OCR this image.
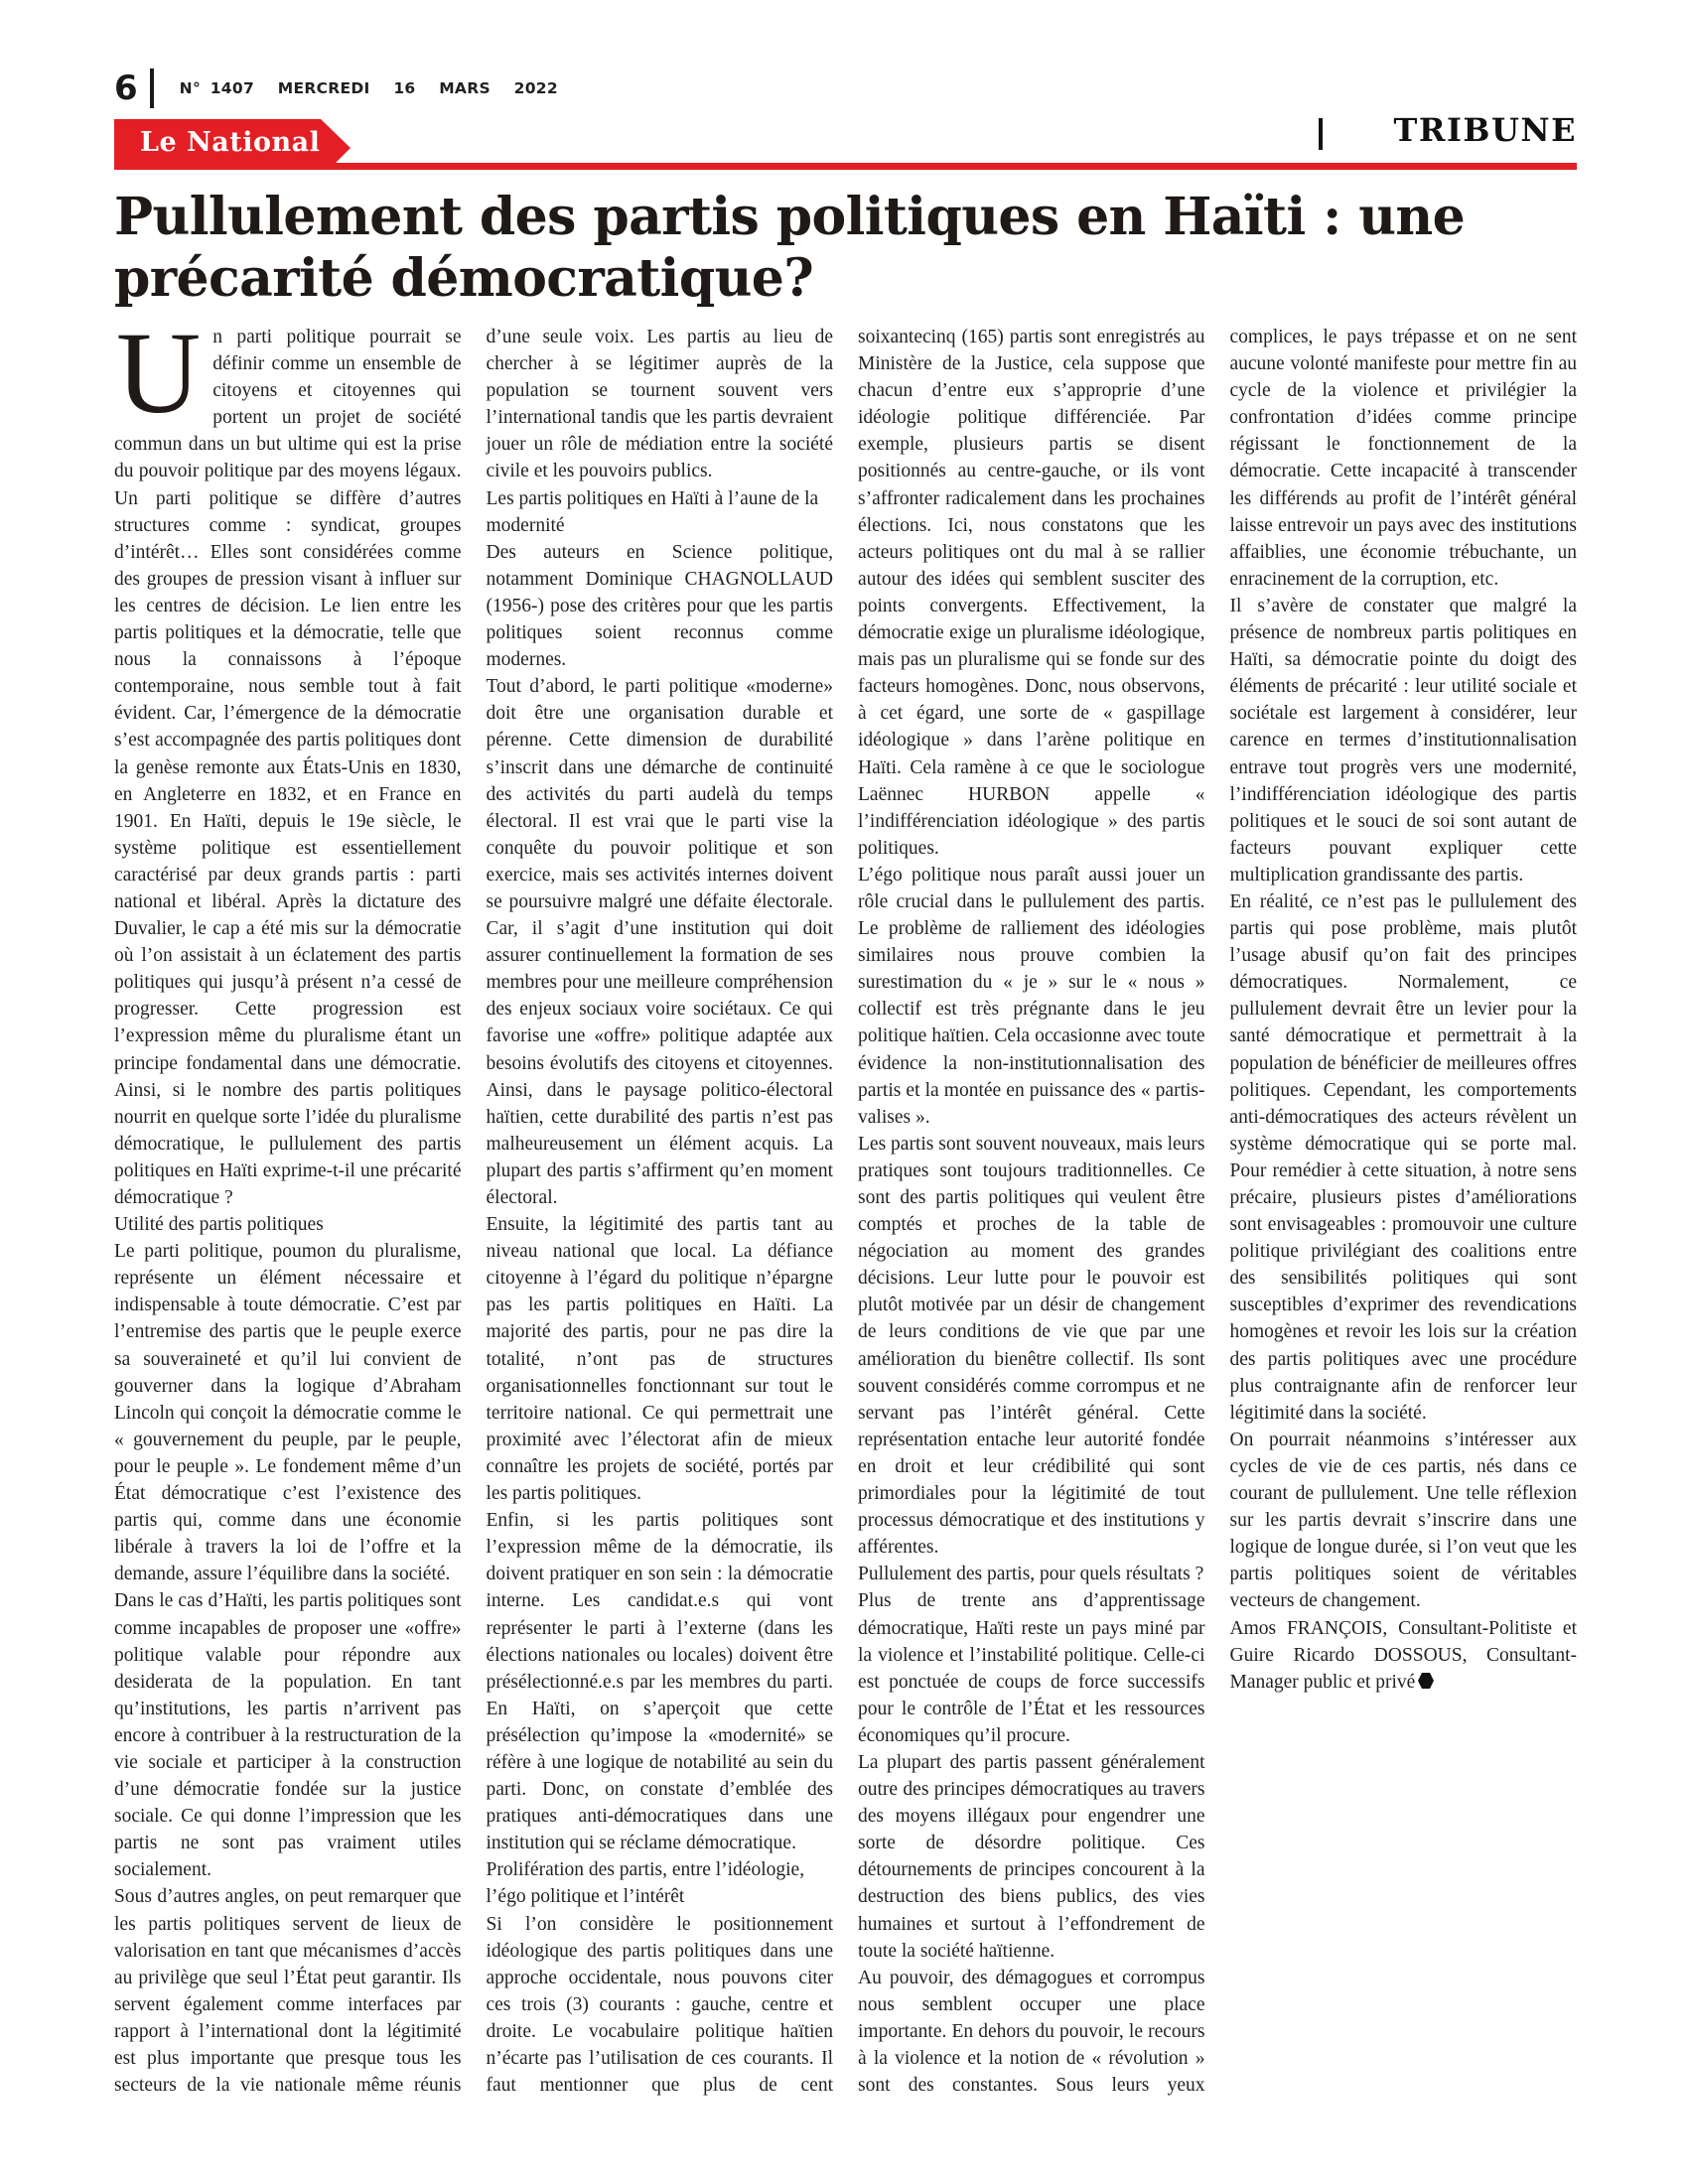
6	N° 1407 MERCREDI 16 MARS 2022
Le National	TRIBUNE
Pullulement des partis politiques en Haïti : une précarité démocratique?

Un parti politique pourrait se définir comme un ensemble de citoyens et citoyennes qui portent un projet de société commun dans un but ultime qui est la prise du pouvoir politique par des moyens légaux. Un parti politique se diffère d’autres structures comme : syndicat, groupes d’intérêt… Elles sont considérées comme des groupes de pression visant à influer sur les centres de décision. Le lien entre les partis politiques et la démocratie, telle que nous la connaissons à l’époque contemporaine, nous semble tout à fait évident. Car, l’émergence de la démocratie s’est accompagnée des partis politiques dont la genèse remonte aux États-Unis en 1830, en Angleterre en 1832, et en France en 1901. En Haïti, depuis le 19e siècle, le système politique est essentiellement caractérisé par deux grands partis : parti national et libéral. Après la dictature des Duvalier, le cap a été mis sur la démocratie où l’on assistait à un éclatement des partis politiques qui jusqu’à présent n’a cessé de progresser. Cette progression est l’expression même du pluralisme étant un principe fondamental dans une démocratie. Ainsi, si le nombre des partis politiques nourrit en quelque sorte l’idée du pluralisme démocratique, le pullulement des partis politiques en Haïti exprime-t-il une précarité démocratique ?

Utilité des partis politiques

Le parti politique, poumon du pluralisme, représente un élément nécessaire et indispensable à toute démocratie. C’est par l’entremise des partis que le peuple exerce sa souveraineté et qu’il lui convient de gouverner dans la logique d’Abraham Lincoln qui conçoit la démocratie comme le « gouvernement du peuple, par le peuple, pour le peuple ». Le fondement même d’un État démocratique c’est l’existence des partis qui, comme dans une économie libérale à travers la loi de l’offre et la demande, assure l’équilibre dans la société.

Dans le cas d’Haïti, les partis politiques sont comme incapables de proposer une «offre» politique valable pour répondre aux desiderata de la population. En tant qu’institutions, les partis n’arrivent pas encore à contribuer à la restructuration de la vie sociale et participer à la construction d’une démocratie fondée sur la justice sociale. Ce qui donne l’impression que les partis ne sont pas vraiment utiles socialement.

Sous d’autres angles, on peut remarquer que les partis politiques servent de lieux de valorisation en tant que mécanismes d’accès au privilège que seul l’État peut garantir. Ils servent également comme interfaces par rapport à l’international dont la légitimité est plus importante que presque tous les secteurs de la vie nationale même réunis d’une seule voix. Les partis au lieu de chercher à se légitimer auprès de la population se tournent souvent vers l’international tandis que les partis devraient jouer un rôle de médiation entre la société civile et les pouvoirs publics.

Les partis politiques en Haïti à l’aune de la modernité

Des auteurs en Science politique, notamment Dominique CHAGNOLLAUD (1956-) pose des critères pour que les partis politiques soient reconnus comme modernes.

Tout d’abord, le parti politique «moderne» doit être une organisation durable et pérenne. Cette dimension de durabilité s’inscrit dans une démarche de continuité des activités du parti audelà du temps électoral. Il est vrai que le parti vise la conquête du pouvoir politique et son exercice, mais ses activités internes doivent se poursuivre malgré une défaite électorale. Car, il s’agit d’une institution qui doit assurer continuellement la formation de ses membres pour une meilleure compréhension des enjeux sociaux voire sociétaux. Ce qui favorise une «offre» politique adaptée aux besoins évolutifs des citoyens et citoyennes. Ainsi, dans le paysage politico-électoral haïtien, cette durabilité des partis n’est pas malheureusement un élément acquis. La plupart des partis s’affirment qu’en moment électoral.

Ensuite, la légitimité des partis tant au niveau national que local. La défiance citoyenne à l’égard du politique n’épargne pas les partis politiques en Haïti. La majorité des partis, pour ne pas dire la totalité, n’ont pas de structures organisationnelles fonctionnant sur tout le territoire national. Ce qui permettrait une proximité avec l’électorat afin de mieux connaître les projets de société, portés par les partis politiques.

Enfin, si les partis politiques sont l’expression même de la démocratie, ils doivent pratiquer en son sein : la démocratie interne. Les candidat.e.s qui vont représenter le parti à l’externe (dans les élections nationales ou locales) doivent être présélectionné.e.s par les membres du parti. En Haïti, on s’aperçoit que cette présélection qu’impose la «modernité» se réfère à une logique de notabilité au sein du parti. Donc, on constate d’emblée des pratiques anti-démocratiques dans une institution qui se réclame démocratique.

Prolifération des partis, entre l’idéologie, l’égo politique et l’intérêt

Si l’on considère le positionnement idéologique des partis politiques dans une approche occidentale, nous pouvons citer ces trois (3) courants : gauche, centre et droite. Le vocabulaire politique haïtien n’écarte pas l’utilisation de ces courants. Il faut mentionner que plus de cent soixantecinq (165) partis sont enregistrés au Ministère de la Justice, cela suppose que chacun d’entre eux s’approprie d’une idéologie politique différenciée. Par exemple, plusieurs partis se disent positionnés au centre-gauche, or ils vont s’affronter radicalement dans les prochaines élections. Ici, nous constatons que les acteurs politiques ont du mal à se rallier autour des idées qui semblent susciter des points convergents. Effectivement, la démocratie exige un pluralisme idéologique, mais pas un pluralisme qui se fonde sur des facteurs homogènes. Donc, nous observons, à cet égard, une sorte de « gaspillage idéologique » dans l’arène politique en Haïti. Cela ramène à ce que le sociologue Laënnec HURBON appelle « l’indifférenciation idéologique » des partis politiques.

L’égo politique nous paraît aussi jouer un rôle crucial dans le pullulement des partis. Le problème de ralliement des idéologies similaires nous prouve combien la surestimation du « je » sur le « nous » collectif est très prégnante dans le jeu politique haïtien. Cela occasionne avec toute évidence la non-institutionnalisation des partis et la montée en puissance des « partis-valises ».

Les partis sont souvent nouveaux, mais leurs pratiques sont toujours traditionnelles. Ce sont des partis politiques qui veulent être comptés et proches de la table de négociation au moment des grandes décisions. Leur lutte pour le pouvoir est plutôt motivée par un désir de changement de leurs conditions de vie que par une amélioration du bienêtre collectif. Ils sont souvent considérés comme corrompus et ne servant pas l’intérêt général. Cette représentation entache leur autorité fondée en droit et leur crédibilité qui sont primordiales pour la légitimité de tout processus démocratique et des institutions y afférentes.

Pullulement des partis, pour quels résultats ?

Plus de trente ans d’apprentissage démocratique, Haïti reste un pays miné par la violence et l’instabilité politique. Celle-ci est ponctuée de coups de force successifs pour le contrôle de l’État et les ressources économiques qu’il procure.

La plupart des partis passent généralement outre des principes démocratiques au travers des moyens illégaux pour engendrer une sorte de désordre politique. Ces détournements de principes concourent à la destruction des biens publics, des vies humaines et surtout à l’effondrement de toute la société haïtienne.

Au pouvoir, des démagogues et corrompus nous semblent occuper une place importante. En dehors du pouvoir, le recours à la violence et la notion de « révolution » sont des constantes. Sous leurs yeux complices, le pays trépasse et on ne sent aucune volonté manifeste pour mettre fin au cycle de la violence et privilégier la confrontation d’idées comme principe régissant le fonctionnement de la démocratie. Cette incapacité à transcender les différends au profit de l’intérêt général laisse entrevoir un pays avec des institutions affaiblies, une économie trébuchante, un enracinement de la corruption, etc.

Il s’avère de constater que malgré la présence de nombreux partis politiques en Haïti, sa démocratie pointe du doigt des éléments de précarité : leur utilité sociale et sociétale est largement à considérer, leur carence en termes d’institutionnalisation entrave tout progrès vers une modernité, l’indifférenciation idéologique des partis politiques et le souci de soi sont autant de facteurs pouvant expliquer cette multiplication grandissante des partis.

En réalité, ce n’est pas le pullulement des partis qui pose problème, mais plutôt l’usage abusif qu’on fait des principes démocratiques. Normalement, ce pullulement devrait être un levier pour la santé démocratique et permettrait à la population de bénéficier de meilleures offres politiques. Cependant, les comportements anti-démocratiques des acteurs révèlent un système démocratique qui se porte mal. Pour remédier à cette situation, à notre sens précaire, plusieurs pistes d’améliorations sont envisageables : promouvoir une culture politique privilégiant des coalitions entre des sensibilités politiques qui sont susceptibles d’exprimer des revendications homogènes et revoir les lois sur la création des partis politiques avec une procédure plus contraignante afin de renforcer leur légitimité dans la société.

On pourrait néanmoins s’intéresser aux cycles de vie de ces partis, nés dans ce courant de pullulement. Une telle réflexion sur les partis devrait s’inscrire dans une logique de longue durée, si l’on veut que les partis politiques soient de véritables vecteurs de changement.

Amos FRANÇOIS, Consultant-Politiste et Guire Ricardo DOSSOUS, Consultant-Manager public et privé
